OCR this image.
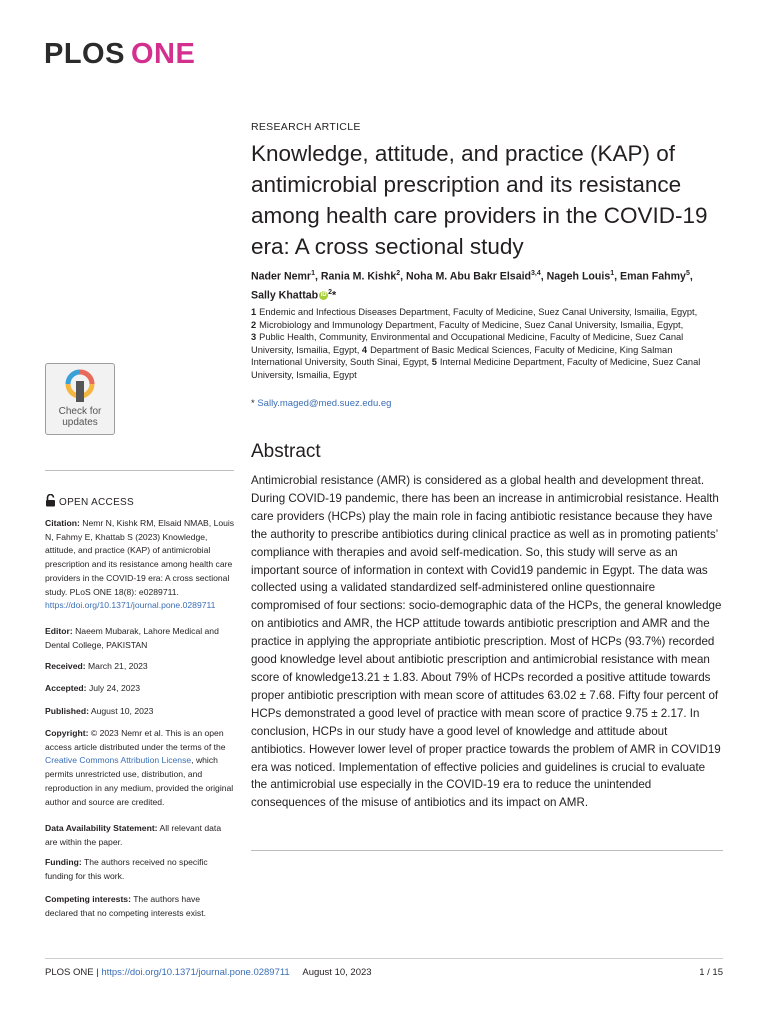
PLOS ONE
RESEARCH ARTICLE
Knowledge, attitude, and practice (KAP) of antimicrobial prescription and its resistance among health care providers in the COVID-19 era: A cross sectional study
Nader Nemr$^1$, Rania M. Kishk$^2$, Noha M. Abu Bakr Elsaid$^{3,4}$, Nageh Louis$^1$, Eman Fahmy$^5$,
Sally Khattab iD $^2$*
1 Endemic and Infectious Diseases Department, Faculty of Medicine, Suez Canal University, Ismailia, Egypt,
2 Microbiology and Immunology Department, Faculty of Medicine, Suez Canal University, Ismailia, Egypt,
3 Public Health, Community, Environmental and Occupational Medicine, Faculty of Medicine, Suez Canal University, Ismailia, Egypt, 4 Department of Basic Medical Sciences, Faculty of Medicine, King Salman International University, South Sinai, Egypt, 5 Internal Medicine Department, Faculty of Medicine, Suez Canal University, Ismailia, Egypt
* Sally.maged@med.suez.edu.eg
Abstract
Antimicrobial resistance (AMR) is considered as a global health and development threat. During COVID-19 pandemic, there has been an increase in antimicrobial resistance. Health care providers (HCPs) play the main role in facing antibiotic resistance because they have the authority to prescribe antibiotics during clinical practice as well as in promoting patients’ compliance with therapies and avoid self-medication. So, this study will serve as an important source of information in context with Covid19 pandemic in Egypt. The data was collected using a validated standardized self-administered online questionnaire compromised of four sections: socio-demographic data of the HCPs, the general knowledge on antibiotics and AMR, the HCP attitude towards antibiotic prescription and AMR and the practice in applying the appropriate antibiotic prescription. Most of HCPs (93.7%) recorded good knowledge level about antibiotic prescription and antimicrobial resistance with mean score of knowledge13.21 ± 1.83. About 79% of HCPs recorded a positive attitude towards proper antibiotic prescription with mean score of attitudes 63.02 ± 7.68. Fifty four percent of HCPs demonstrated a good level of practice with mean score of practice 9.75 ± 2.17. In conclusion, HCPs in our study have a good level of knowledge and attitude about antibiotics. However lower level of proper practice towards the problem of AMR in COVID19 era was noticed. Implementation of effective policies and guidelines is crucial to evaluate the antimicrobial use especially in the COVID-19 era to reduce the unintended consequences of the misuse of antibiotics and its impact on AMR.
Check for
updates
OPEN ACCESS
Citation: Nemr N, Kishk RM, Elsaid NMAB, Louis N, Fahmy E, Khattab S (2023) Knowledge, attitude, and practice (KAP) of antimicrobial prescription and its resistance among health care providers in the COVID-19 era: A cross sectional study. PLoS ONE 18(8): e0289711. https://doi.org/10.1371/journal.pone.0289711
Editor: Naeem Mubarak, Lahore Medical and Dental College, PAKISTAN
Received: March 21, 2023
Accepted: July 24, 2023
Published: August 10, 2023
Copyright: © 2023 Nemr et al. This is an open access article distributed under the terms of the Creative Commons Attribution License, which permits unrestricted use, distribution, and reproduction in any medium, provided the original author and source are credited.
Data Availability Statement: All relevant data are within the paper.
Funding: The authors received no specific funding for this work.
Competing interests: The authors have declared that no competing interests exist.
PLOS ONE | https://doi.org/10.1371/journal.pone.0289711 August 10, 2023	1 / 15
